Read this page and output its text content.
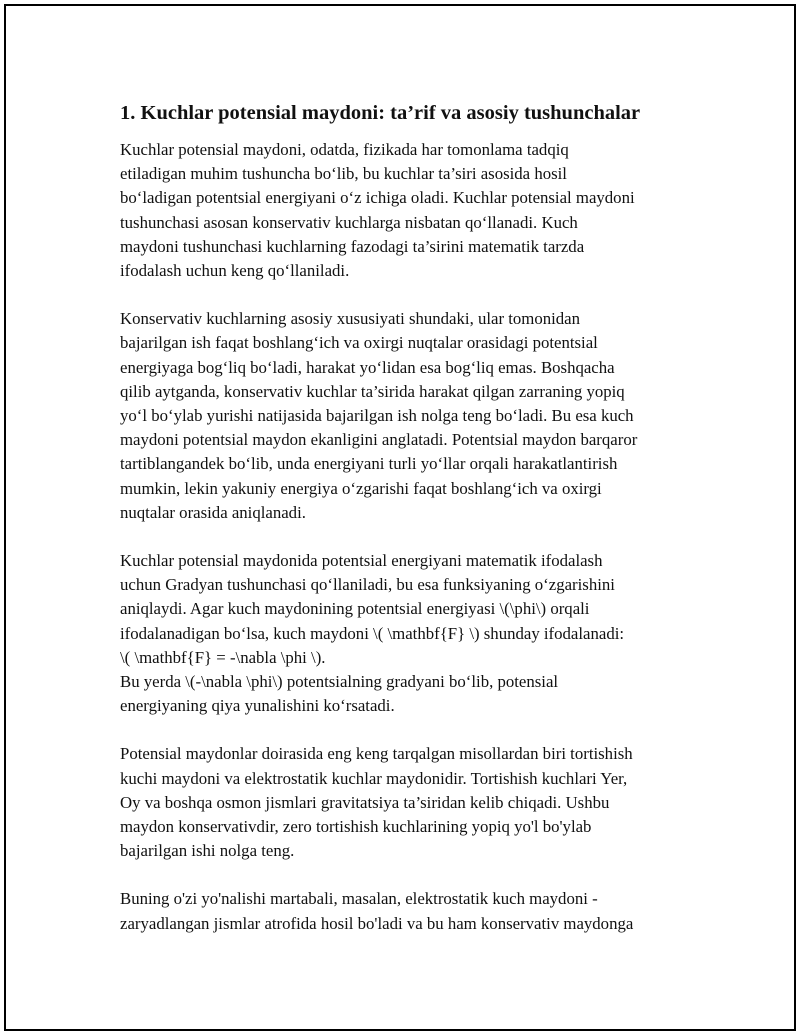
1. Kuchlar potensial maydoni: ta’rif va asosiy tushunchalar

Kuchlar potensial maydoni, odatda, fizikada har tomonlama tadqiq
etiladigan muhim tushuncha bo‘lib, bu kuchlar ta’siri asosida hosil
bo‘ladigan potentsial energiyani o‘z ichiga oladi. Kuchlar potensial maydoni
tushunchasi asosan konservativ kuchlarga nisbatan qo‘llanadi. Kuch
maydoni tushunchasi kuchlarning fazodagi ta’sirini matematik tarzda
ifodalash uchun keng qo‘llaniladi.

Konservativ kuchlarning asosiy xususiyati shundaki, ular tomonidan
bajarilgan ish faqat boshlang‘ich va oxirgi nuqtalar orasidagi potentsial
energiyaga bog‘liq bo‘ladi, harakat yo‘lidan esa bog‘liq emas. Boshqacha
qilib aytganda, konservativ kuchlar ta’sirida harakat qilgan zarraning yopiq
yo‘l bo‘ylab yurishi natijasida bajarilgan ish nolga teng bo‘ladi. Bu esa kuch
maydoni potentsial maydon ekanligini anglatadi. Potentsial maydon barqaror
tartiblangandek bo‘lib, unda energiyani turli yo‘llar orqali harakatlantirish
mumkin, lekin yakuniy energiya o‘zgarishi faqat boshlang‘ich va oxirgi
nuqtalar orasida aniqlanadi.

Kuchlar potensial maydonida potentsial energiyani matematik ifodalash
uchun Gradyan tushunchasi qo‘llaniladi, bu esa funksiyaning o‘zgarishini
aniqlaydi. Agar kuch maydonining potentsial energiyasi \(\phi\) orqali
ifodalanadigan bo‘lsa, kuch maydoni \( \mathbf{F} \) shunday ifodalanadi:
\( \mathbf{F} = -\nabla \phi \).
Bu yerda \(-\nabla \phi\) potentsialning gradyani bo‘lib, potensial
energiyaning qiya yunalishini ko‘rsatadi.

Potensial maydonlar doirasida eng keng tarqalgan misollardan biri tortishish
kuchi maydoni va elektrostatik kuchlar maydonidir. Tortishish kuchlari Yer,
Oy va boshqa osmon jismlari gravitatsiya ta’siridan kelib chiqadi. Ushbu
maydon konservativdir, zero tortishish kuchlarining yopiq yo'l bo'ylab
bajarilgan ishi nolga teng.

Buning o'zi yo'nalishi martabali, masalan, elektrostatik kuch maydoni -
zaryadlangan jismlar atrofida hosil bo'ladi va bu ham konservativ maydonga
